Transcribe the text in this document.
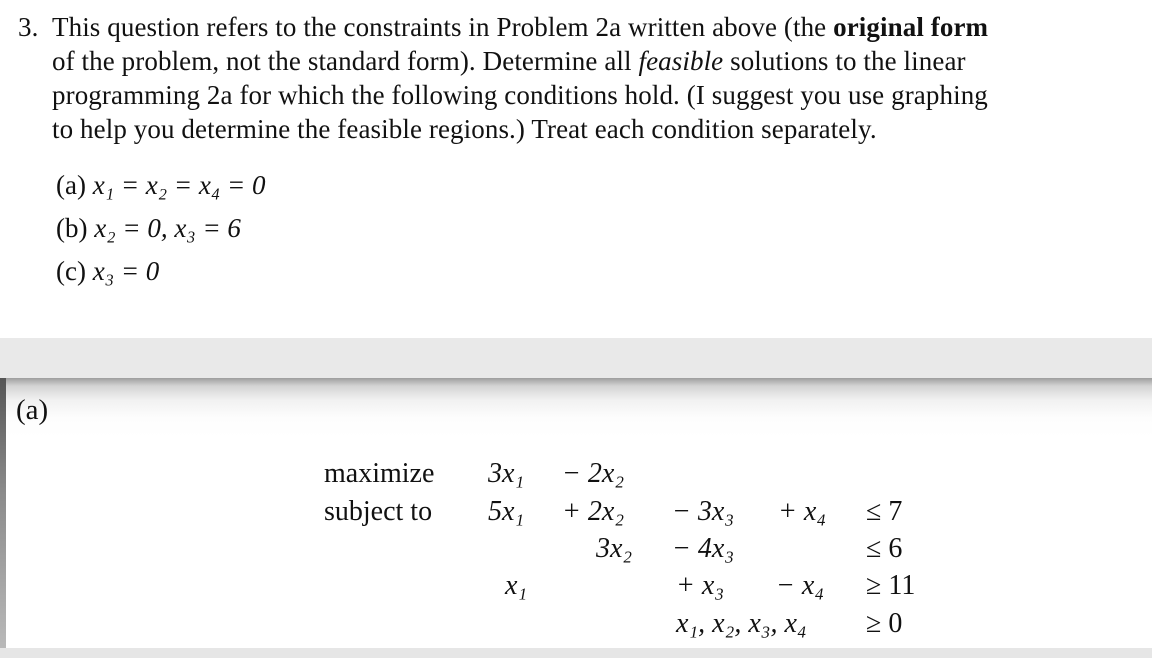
3. This question refers to the constraints in Problem 2a written above (the original form
of the problem, not the standard form). Determine all feasible solutions to the linear
programming 2a for which the following conditions hold. (I suggest you use graphing
to help you determine the feasible regions.) Treat each condition separately.
(a) x₁ = x₂ = x₄ = 0
(b) x₂ = 0, x₃ = 6
(c) x₃ = 0
(a)
maximize 3x₁ − 2x₂
subject to 5x₁ + 2x₂ − 3x₃ + x₄ ≤ 7
3x₂ − 4x₃	≤ 6
x₁	+ x₃ − x₄ ≥ 11
x₁, x₂, x₃, x₄ ≥ 0
